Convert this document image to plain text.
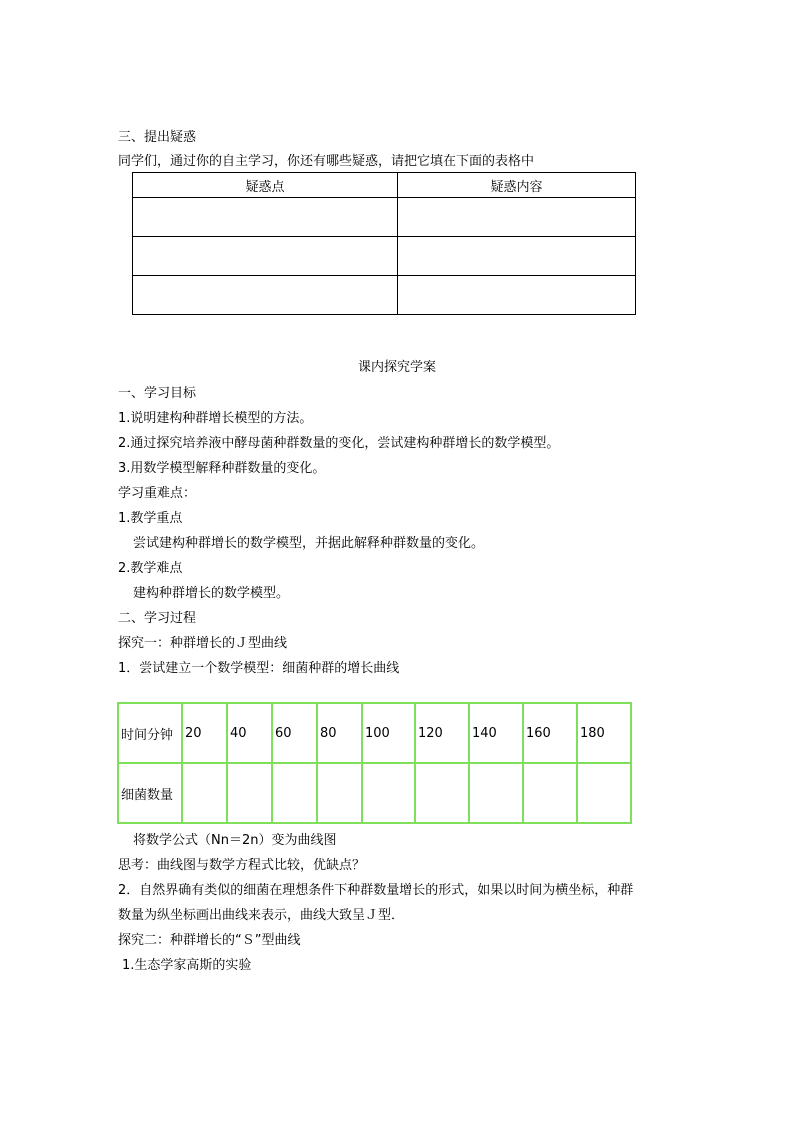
三、提出疑惑
同学们，通过你的自主学习，你还有哪些疑惑，请把它填在下面的表格中
疑惑点	疑惑内容

课内探究学案
一、学习目标
1.说明建构种群增长模型的方法。
2.通过探究培养液中酵母菌种群数量的变化，尝试建构种群增长的数学模型。
3.用数学模型解释种群数量的变化。
学习重难点：
1.教学重点
尝试建构种群增长的数学模型，并据此解释种群数量的变化。
2.教学难点
建构种群增长的数学模型。
二、学习过程
探究一：种群增长的Ｊ型曲线
1．尝试建立一个数学模型：细菌种群的增长曲线
时间分钟	20	40	60	80	100	120	140	160	180
细菌数量									
将数学公式（Nn＝2n）变为曲线图
思考：曲线图与数学方程式比较，优缺点？
2．自然界确有类似的细菌在理想条件下种群数量增长的形式，如果以时间为横坐标，种群
数量为纵坐标画出曲线来表示，曲线大致呈Ｊ型．
探究二：种群增长的“Ｓ”型曲线
1.生态学家高斯的实验
